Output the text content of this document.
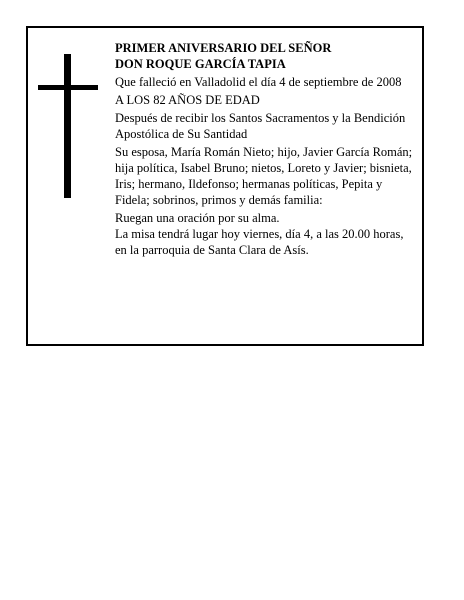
PRIMER ANIVERSARIO DEL SEÑOR

DON ROQUE GARCÍA TAPIA

Que falleció en Valladolid el día 4 de septiembre de 2008

A LOS 82 AÑOS DE EDAD

Después de recibir los Santos Sacramentos y la Bendición Apostólica de Su Santidad

Su esposa, María Román Nieto; hijo, Javier García Román; hija política, Isabel Bruno; nietos, Loreto y Javier; bisnieta, Iris; hermano, Ildefonso; hermanas políticas, Pepita y Fidela; sobrinos, primos y demás familia:

Ruegan una oración por su alma.

La misa tendrá lugar hoy viernes, día 4, a las 20.00 horas, en la parroquia de Santa Clara de Asís.
